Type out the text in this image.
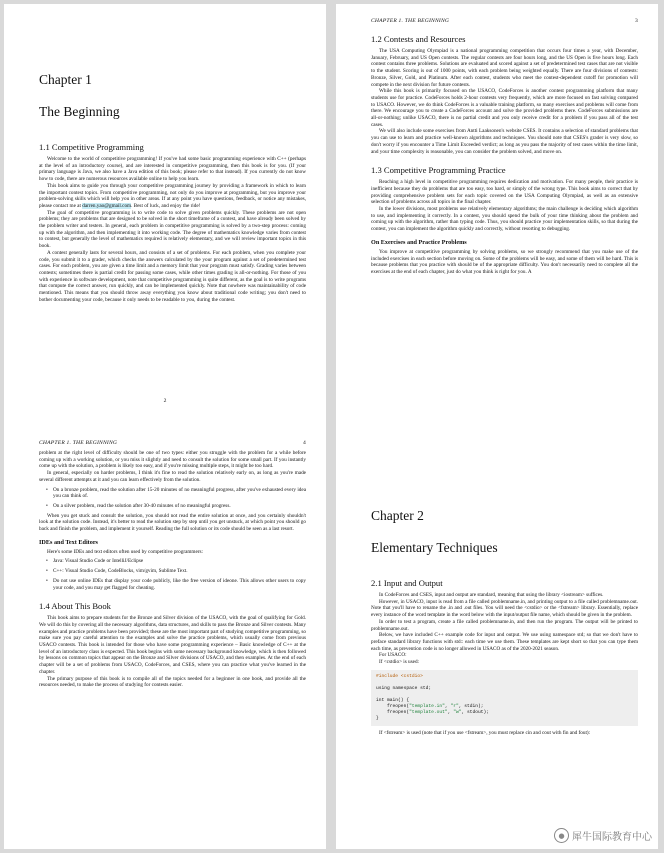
Chapter 1
The Beginning
1.1 Competitive Programming

Welcome to the world of competitive programming! If you've had some basic programming experience with C++ (perhaps at the level of an introductory course), and are interested in competitive programming, then this book is for you. (If your primary language is Java, we also have a Java edition of this book; please refer to that instead). If you currently do not know how to code, there are numerous resources available online to help you learn.

This book aims to guide you through your competitive programming journey by providing a framework in which to learn the important contest topics. From competitive programming, not only do you improve at programming, but you improve your problem-solving skills which will help you in other areas. If at any point you have questions, feedback, or notice any mistakes, please contact me at darren.yao@gmail.com. Best of luck, and enjoy the ride!

The goal of competitive programming is to write code to solve given problems quickly. These problems are not open problems; they are problems that are designed to be solved in the short timeframe of a contest, and have already been solved by the problem writer and testers. In general, each problem in competitive programming is solved by a two-step process: coming up with the algorithm, and then implementing it into working code. The degree of mathematics knowledge varies from contest to contest, but generally the level of mathematics required is relatively elementary, and we will review important topics in this book.

A contest generally lasts for several hours, and consists of a set of problems. For each problem, when you complete your code, you submit it to a grader, which checks the answers calculated by the your program against a set of predetermined test cases. For each problem, you are given a time limit and a memory limit that your program must satisfy. Grading varies between contests; sometimes there is partial credit for passing some cases, while other times grading is all-or-nothing. For those of you with experience in software development, note that competitive programming is quite different, as the goal is to write programs that compute the correct answer, run quickly, and can be implemented quickly. Note that nowhere was maintainability of code mentioned. This means that you should throw away everything you know about traditional code writing; you don't need to bother documenting your code, because it only needs to be readable to you, during the contest.

2
CHAPTER 1. THE BEGINNING	3
1.2 Contests and Resources

The USA Computing Olympiad is a national programming competition that occurs four times a year, with December, January, February, and US Open contests. The regular contests are four hours long, and the US Open is five hours long. Each contest contains three problems. Solutions are evaluated and scored against a set of predetermined test cases that are not visible to the student. Scoring is out of 1000 points, with each problem being weighted equally. There are four divisions of contests: Bronze, Silver, Gold, and Platinum. After each contest, students who meet the contest-dependent cutoff for promotion will compete in the next division for future contests.

While this book is primarily focused on the USACO, CodeForces is another contest programming platform that many students use for practice. CodeForces holds 2-hour contests very frequently, which are more focused on fast solving compared to USACO. However, we do think CodeForces is a valuable training platform, so many exercises and problems will come from there. We encourage you to create a CodeForces account and solve the provided problems there. CodeForces submissions are all-or-nothing; unlike USACO, there is no partial credit and you only receive credit for a problem if you pass all of the test cases.

We will also include some exercises from Antti Laaksonen's website CSES. It contains a selection of standard problems that you can use to learn and practice well-known algorithms and techniques. You should note that CSES's grader is very slow, so don't worry if you encounter a Time Limit Exceeded verdict; as long as you pass the majority of test cases within the time limit, and your time complexity is reasonable, you can consider the problem solved, and move on.

1.3 Competitive Programming Practice

Reaching a high level in competitive programming requires dedication and motivation. For many people, their practice is inefficient because they do problems that are too easy, too hard, or simply of the wrong type. This book aims to correct that by providing comprehensive problem sets for each topic covered on the USA Computing Olympiad, as well as an extensive selection of problems across all topics in the final chapter.

In the lower divisions, most problems use relatively elementary algorithms; the main challenge is deciding which algorithm to use, and implementing it correctly. In a contest, you should spend the bulk of your time thinking about the problem and coming up with the algorithm, rather than typing code. Thus, you should practice your implementation skills, so that during the contest, you can implement the algorithm quickly and correctly, without resorting to debugging.

On Exercises and Practice Problems

You improve at competitive programming by solving problems, so we strongly recommend that you make use of the included exercises in each section before moving on. Some of the problems will be easy, and some of them will be hard. This is because problems that you practice with should be of the appropriate difficulty. You don't necessarily need to complete all the exercises at the end of each chapter, just do what you think is right for you. A

CHAPTER 1. THE BEGINNING	4

problem at the right level of difficulty should be one of two types: either you struggle with the problem for a while before coming up with a working solution, or you miss it slightly and need to consult the solution for some small part. If you instantly come up with the solution, a problem is likely too easy, and if you're missing multiple steps, it might be too hard.

In general, especially on harder problems, I think it's fine to read the solution relatively early on, as long as you're made several different attempts at it and you can learn effectively from the solution.

• On a bronze problem, read the solution after 15-20 minutes of no meaningful progress, after you've exhausted every idea you can think of.
• On a silver problem, read the solution after 30-40 minutes of no meaningful progress.

When you get stuck and consult the solution, you should not read the entire solution at once, and you certainly shouldn't look at the solution code. Instead, it's better to read the solution step by step until you get unstuck, at which point you should go back and finish the problem, and implement it yourself. Reading the full solution or its code should be seen as a last resort.

IDEs and Text Editors

Here's some IDEs and text editors often used by competitive programmers:

• Java: Visual Studio Code or IntelliJ/Eclipse
• C++: Visual Studio Code, CodeBlocks, vim/gvim, Sublime Text.
• Do not use online IDEs that display your code publicly, like the free version of ideone. This allows other users to copy your code, and you may get flagged for cheating.
1.4 About This Book

This book aims to prepare students for the Bronze and Silver division of the USACO, with the goal of qualifying for Gold. We will do this by covering all the necessary algorithms, data structures, and skills to pass the Bronze and Silver contests. Many examples and practice problems have been provided; these are the most important part of studying competitive programming, so make sure you pay careful attention to the examples and solve the practice problems, which usually come from previous USACO contests. This book is intended for those who have some programming experience – Basic knowledge of C++ at the level of an introductory class is expected. This book begins with some necessary background knowledge, which is then followed by lessons on common topics that appear on the Bronze and Silver divisions of USACO, and then examples. At the end of each chapter will be a set of problems from USACO, CodeForces, and CSES, where you can practice what you've learned in the chapter.

The primary purpose of this book is to compile all of the topics needed for a beginner in one book, and provide all the resources needed, to make the process of studying for contests easier.

Chapter 2
Elementary Techniques
2.1 Input and Output

In CodeForces and CSES, input and output are standard, meaning that using the library <iostream> suffices.

However, in USACO, input is read from a file called problemname.in, and printing output to a file called problemname.out. Note that you'll have to rename the .in and .out files. You will need the <cstdio> or the <fstream> library. Essentially, replace every instance of the word template in the word below with the input/output file name, which should be given in the problem.

In order to test a program, create a file called problemname.in, and then run the program. The output will be printed to problemname.out.

Below, we have included C++ example code for input and output. We use using namespace std; so that we don't have to preface standard library functions with std:: each time we use them. These templates are kept short so that you can type them each time, as prevention code is no longer allowed in USACO as of the 2020-2021 season.

For USACO:

If <cstdio> is used:

#include <cstdio>

using namespace std;

int main() {
freopen("template.in", "r", stdin);
freopen("template.out", "w", stdout);
}

If <fstream> is used (note that if you use <fstream>, you must replace cin and cout with fin and fout):

● 犀牛国际教育中心
